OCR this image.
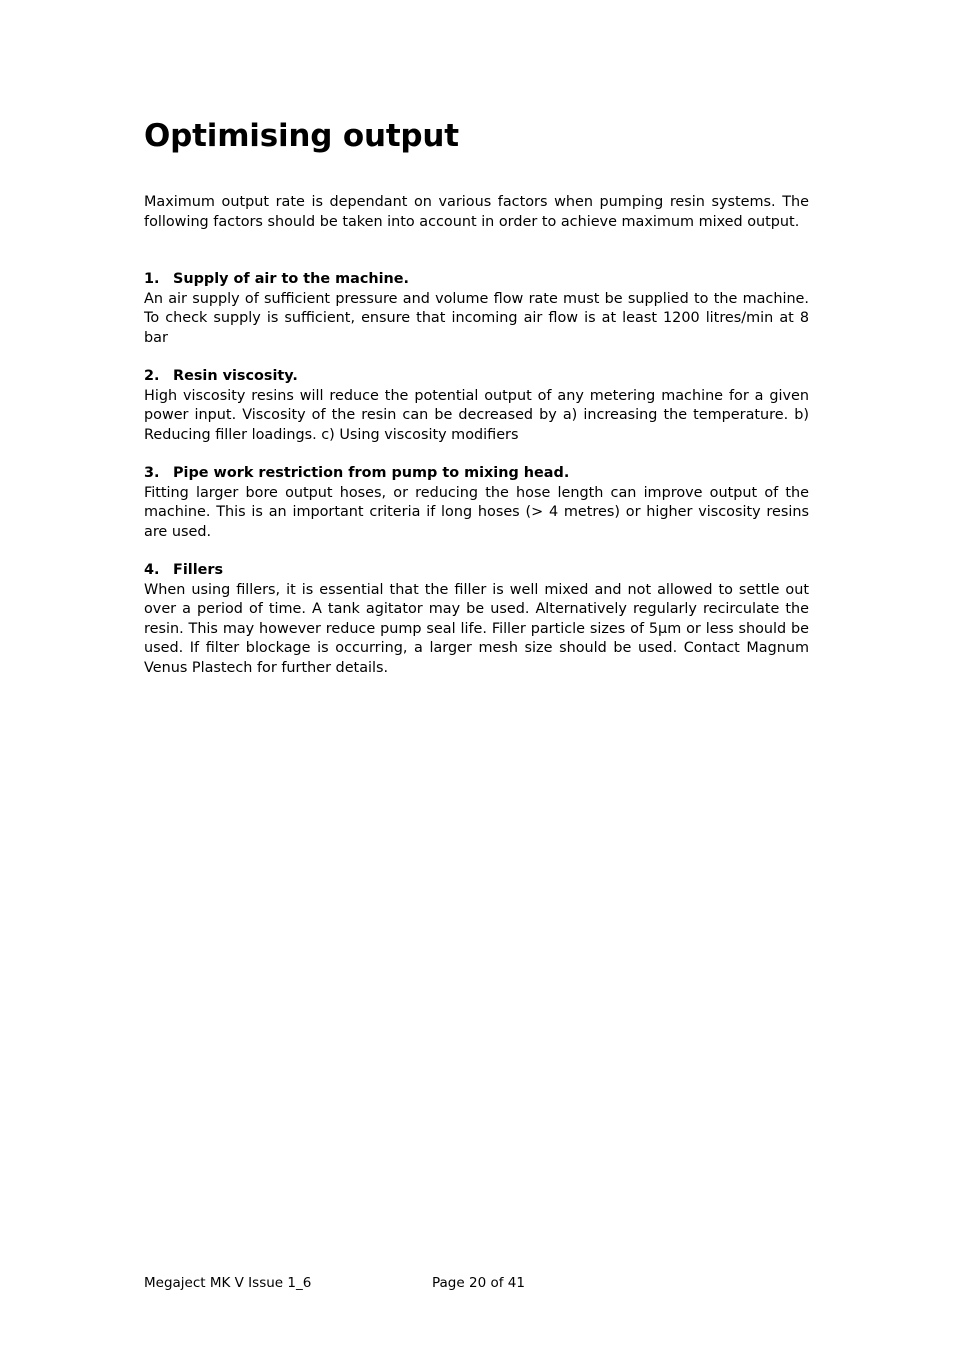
Optimising output

Maximum output rate is dependant on various factors when pumping resin systems. The following factors should be taken into account in order to achieve maximum mixed output.

1. Supply of air to the machine.

An air supply of sufficient pressure and volume flow rate must be supplied to the machine. To check supply is sufficient, ensure that incoming air flow is at least 1200 litres/min at 8 bar

2. Resin viscosity.

High viscosity resins will reduce the potential output of any metering machine for a given power input. Viscosity of the resin can be decreased by a) increasing the temperature. b) Reducing filler loadings. c) Using viscosity modifiers

3. Pipe work restriction from pump to mixing head.

Fitting larger bore output hoses, or reducing the hose length can improve output of the machine. This is an important criteria if long hoses (> 4 metres) or higher viscosity resins are used.

4. Fillers

When using fillers, it is essential that the filler is well mixed and not allowed to settle out over a period of time. A tank agitator may be used. Alternatively regularly recirculate the resin. This may however reduce pump seal life. Filler particle sizes of 5μm or less should be used. If filter blockage is occurring, a larger mesh size should be used. Contact Magnum Venus Plastech for further details.

Megaject MK V Issue 1_6	Page 20 of 41
